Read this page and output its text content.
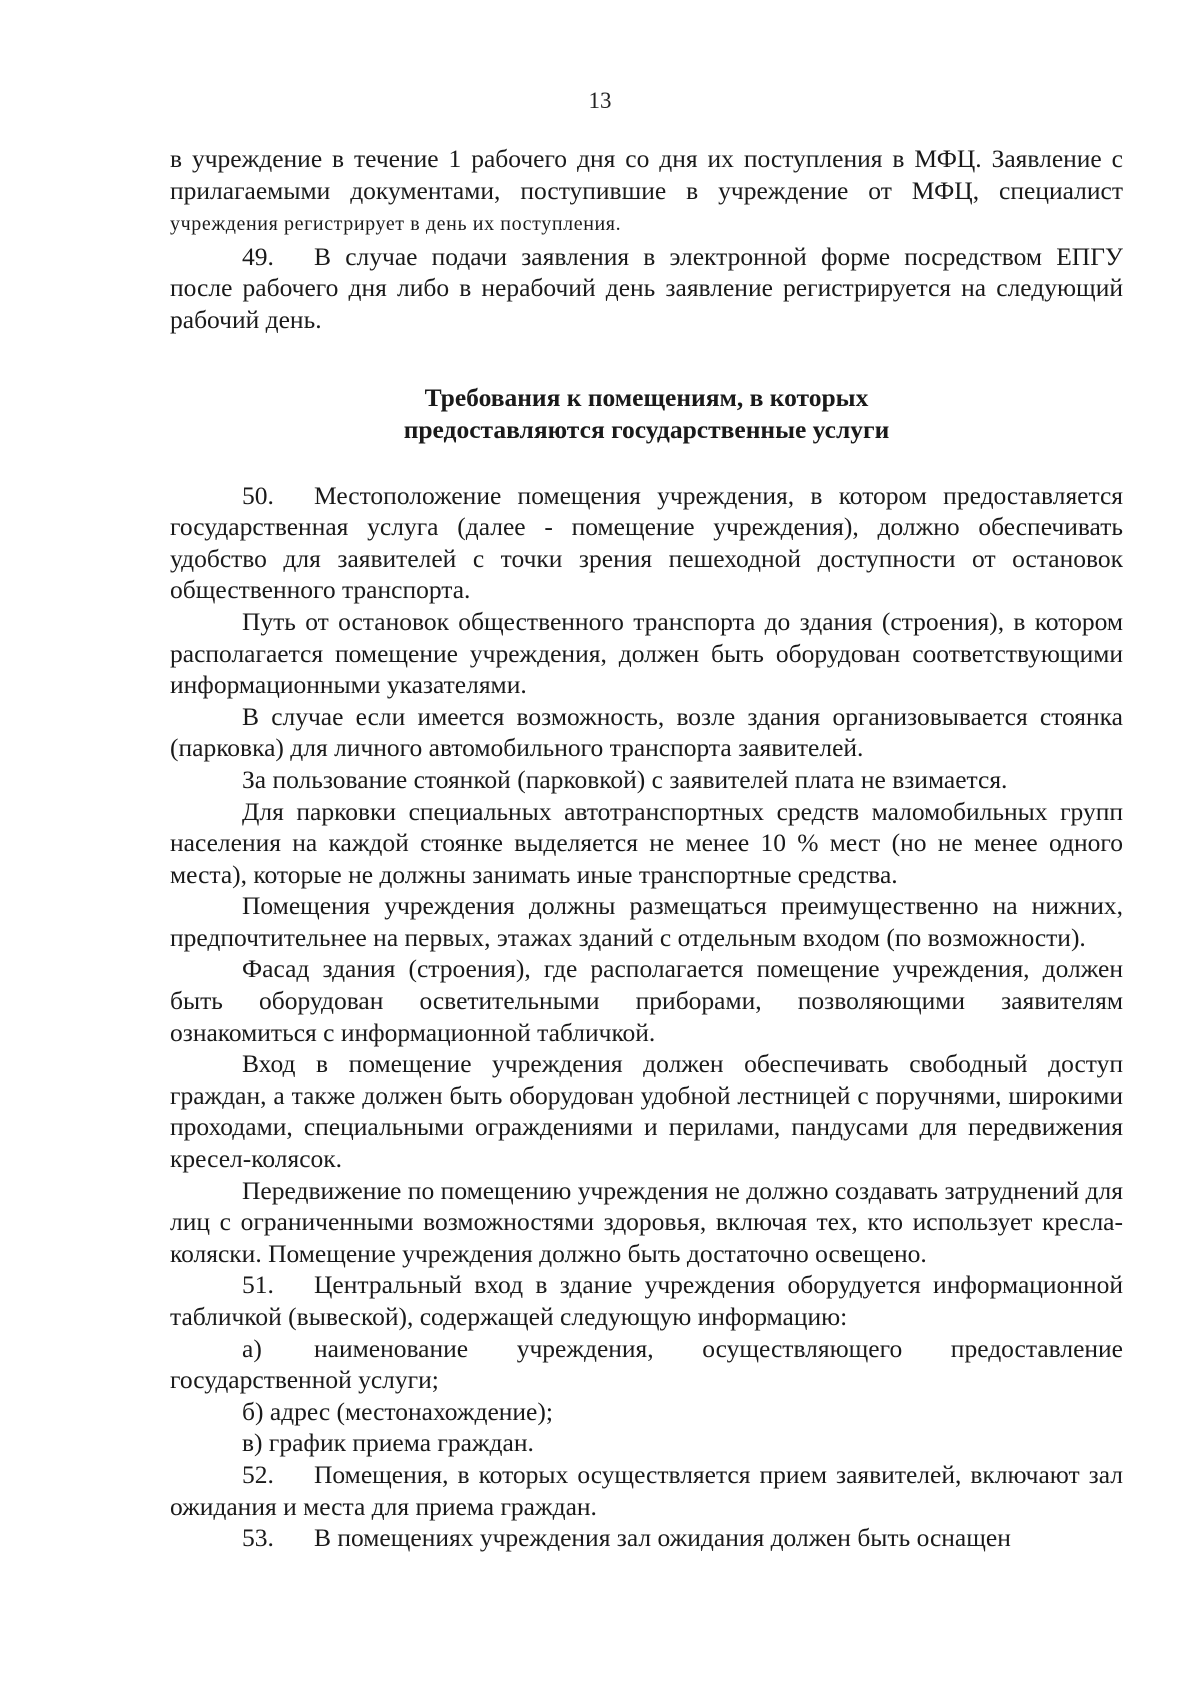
13

в учреждение в течение 1 рабочего дня со дня их поступления в МФЦ. Заявление с прилагаемыми документами, поступившие в учреждение от МФЦ, специалист учреждения регистрирует в день их поступления.

49. В случае подачи заявления в электронной форме посредством ЕПГУ после рабочего дня либо в нерабочий день заявление регистрируется на следующий рабочий день.

Требования к помещениям, в которых
предоставляются государственные услуги

50. Местоположение помещения учреждения, в котором предоставляется государственная услуга (далее - помещение учреждения), должно обеспечивать удобство для заявителей с точки зрения пешеходной доступности от остановок общественного транспорта.

Путь от остановок общественного транспорта до здания (строения), в котором располагается помещение учреждения, должен быть оборудован соответствующими информационными указателями.

В случае если имеется возможность, возле здания организовывается стоянка (парковка) для личного автомобильного транспорта заявителей.

За пользование стоянкой (парковкой) с заявителей плата не взимается.

Для парковки специальных автотранспортных средств маломобильных групп населения на каждой стоянке выделяется не менее 10 % мест (но не менее одного места), которые не должны занимать иные транспортные средства.

Помещения учреждения должны размещаться преимущественно на нижних, предпочтительнее на первых, этажах зданий с отдельным входом (по возможности).

Фасад здания (строения), где располагается помещение учреждения, должен быть оборудован осветительными приборами, позволяющими заявителям ознакомиться с информационной табличкой.

Вход в помещение учреждения должен обеспечивать свободный доступ граждан, а также должен быть оборудован удобной лестницей с поручнями, широкими проходами, специальными ограждениями и перилами, пандусами для передвижения кресел-колясок.

Передвижение по помещению учреждения не должно создавать затруднений для лиц с ограниченными возможностями здоровья, включая тех, кто использует кресла-коляски. Помещение учреждения должно быть достаточно освещено.

51. Центральный вход в здание учреждения оборудуется информационной табличкой (вывеской), содержащей следующую информацию:

а) наименование учреждения, осуществляющего предоставление государственной услуги;

б) адрес (местонахождение);

в) график приема граждан.

52. Помещения, в которых осуществляется прием заявителей, включают зал ожидания и места для приема граждан.

53. В помещениях учреждения зал ожидания должен быть оснащен
